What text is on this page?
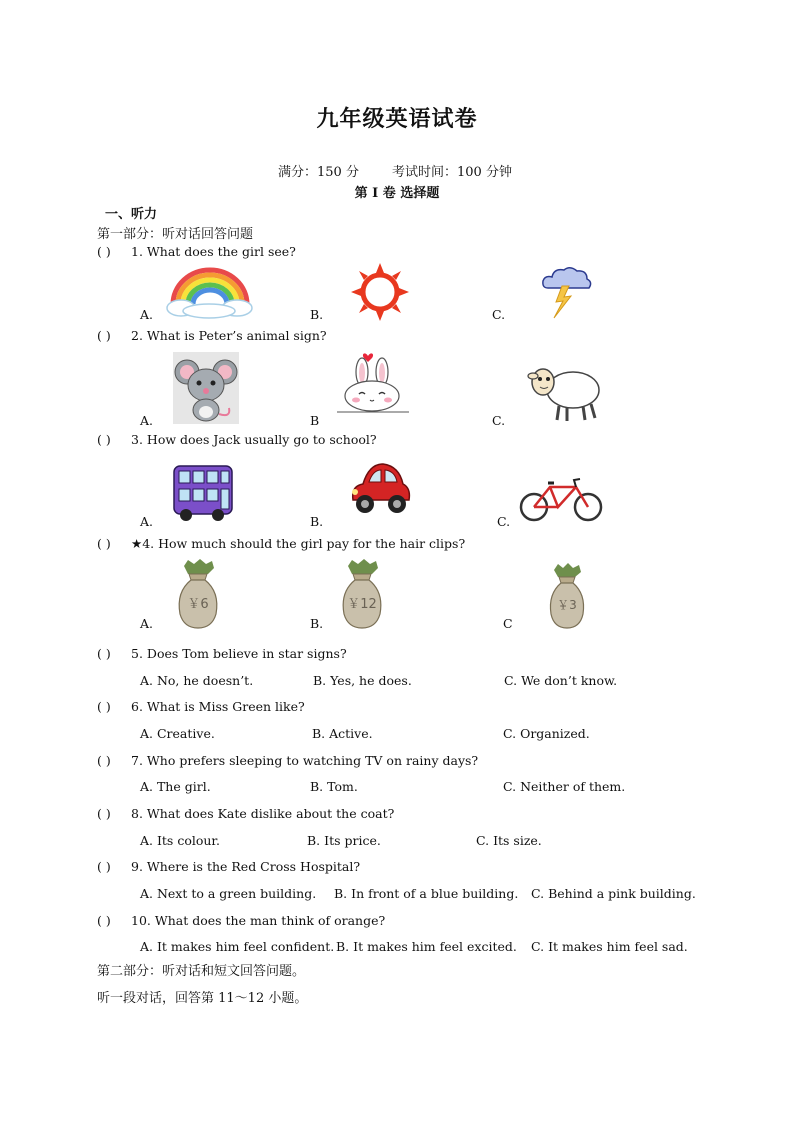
九年级英语试卷
满分：150 分	考试时间：100 分钟
第 I 卷 选择题
一、听力
第一部分：听对话回答问题
( ) 1. What does the girl see?
A.	B.	C.
( ) 2. What is Peter’s animal sign?
A.	B	C.
( ) 3. How does Jack usually go to school?
A.	B.	C.
( ) ★4. How much should the girl pay for the hair clips?
A.	B.	C
￥6	￥12	￥3
( ) 5. Does Tom believe in star signs?
A. No, he doesn’t.	B. Yes, he does.	C. We don’t know.
( ) 6. What is Miss Green like?
A. Creative.	B. Active.	C. Organized.
( ) 7. Who prefers sleeping to watching TV on rainy days?
A. The girl.	B. Tom.	C. Neither of them.
( ) 8. What does Kate dislike about the coat?
A. Its colour.	B. Its price.	C. Its size.
( ) 9. Where is the Red Cross Hospital?
A. Next to a green building. B. In front of a blue building. C. Behind a pink building.
( ) 10. What does the man think of orange?
A. It makes him feel confident. B. It makes him feel excited. C. It makes him feel sad.
第二部分：听对话和短文回答问题。
听一段对话，回答第 11～12 小题。
